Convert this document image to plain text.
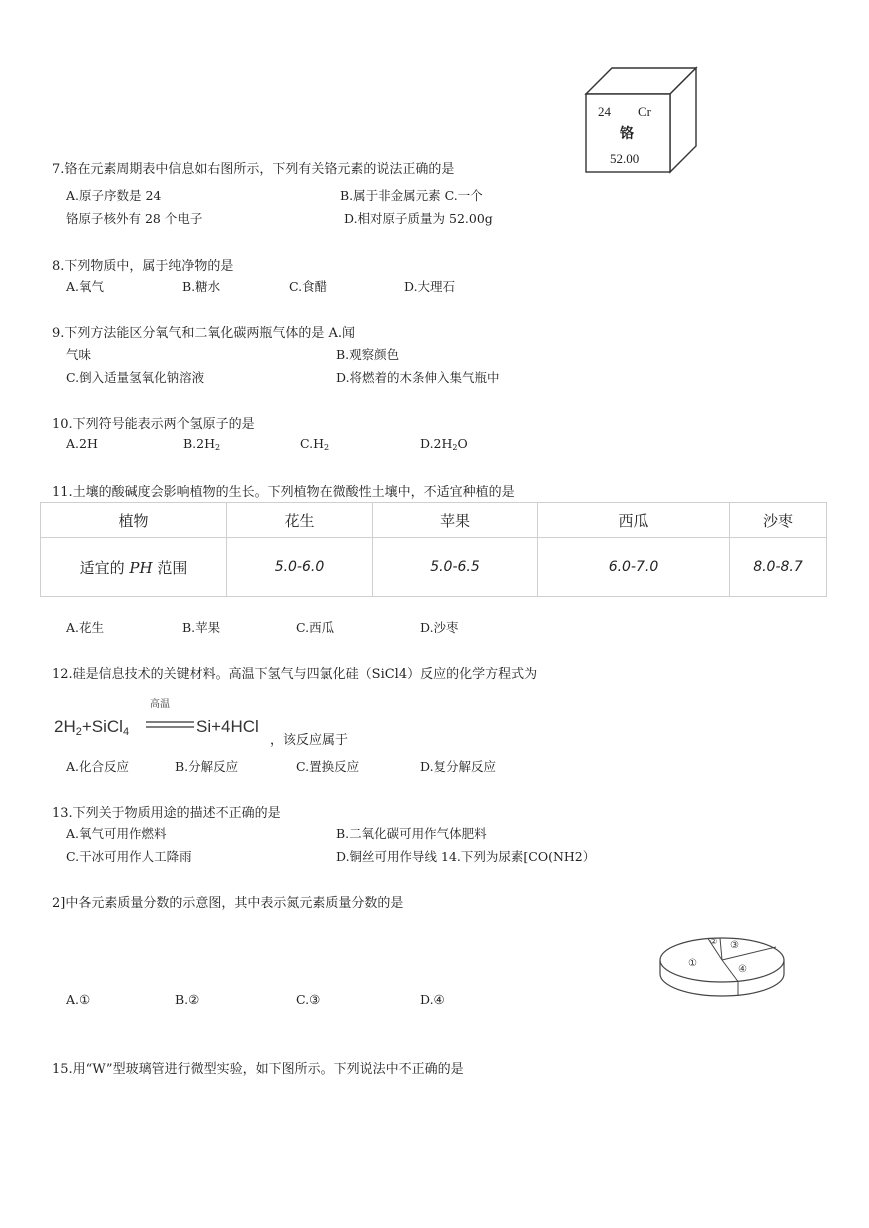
24 Cr
铬
52.00
7.铬在元素周期表中信息如右图所示，下列有关铬元素的说法正确的是
A.原子序数是 24	B.属于非金属元素 C.一个
铬原子核外有 28 个电子	D.相对原子质量为 52.00g
8.下列物质中，属于纯净物的是
A.氧气	B.糖水	C.食醋	D.大理石
9.下列方法能区分氧气和二氧化碳两瓶气体的是 A.闻
气味	B.观察颜色
C.倒入适量氢氧化钠溶液	D.将燃着的木条伸入集气瓶中
10.下列符号能表示两个氢原子的是
A.2H	$B.2H_2$	$C.H_2$	$D.2H_2O$
11.土壤的酸碱度会影响植物的生长。下列植物在微酸性土壤中，不适宜种植的是
植物	花生	苹果	西瓜	沙枣
适宜的 PH 范围	5.0-6.0	5.0-6.5	6.0-7.0	8.0-8.7
A.花生	B.苹果	C.西瓜	D.沙枣
12.硅是信息技术的关键材料。高温下氢气与四氯化硅（SiCl4）反应的化学方程式为
高温
2H2+SiCl4	Si+4HCl
，该反应属于
A.化合反应	B.分解反应	C.置换反应	D.复分解反应
13.下列关于物质用途的描述不正确的是
A.氧气可用作燃料	B.二氧化碳可用作气体肥料
C.干冰可用作人工降雨	D.铜丝可用作导线 14.下列为尿素[CO(NH2）
2]中各元素质量分数的示意图，其中表示氮元素质量分数的是
①
② ③
④
A.①	B.②	C.③	D.④
15.用“W”型玻璃管进行微型实验，如下图所示。下列说法中不正确的是
